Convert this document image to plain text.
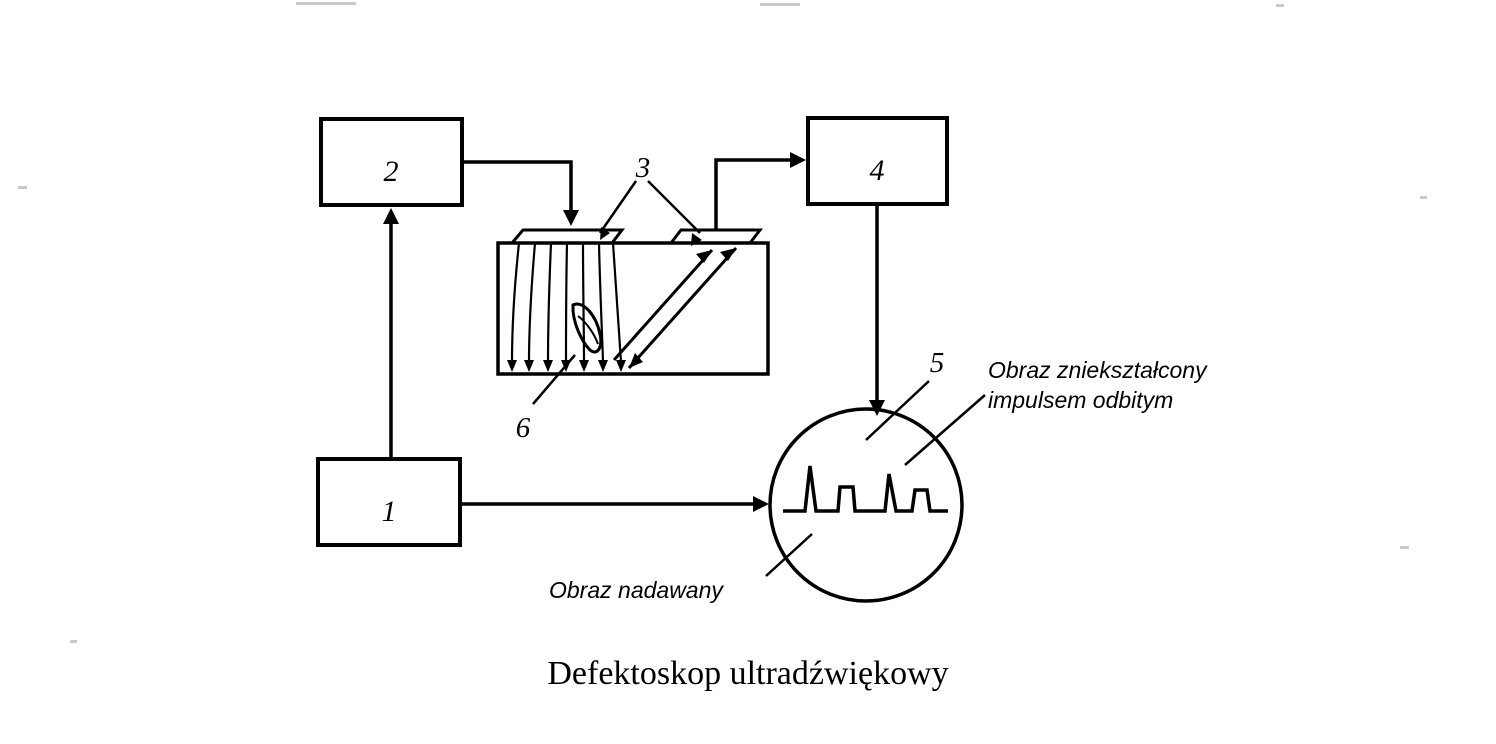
2
1
4
3
6
5 Obraz zniekształcony
impulsem odbitym
Obraz nadawany
Defektoskop ultradźwiękowy
